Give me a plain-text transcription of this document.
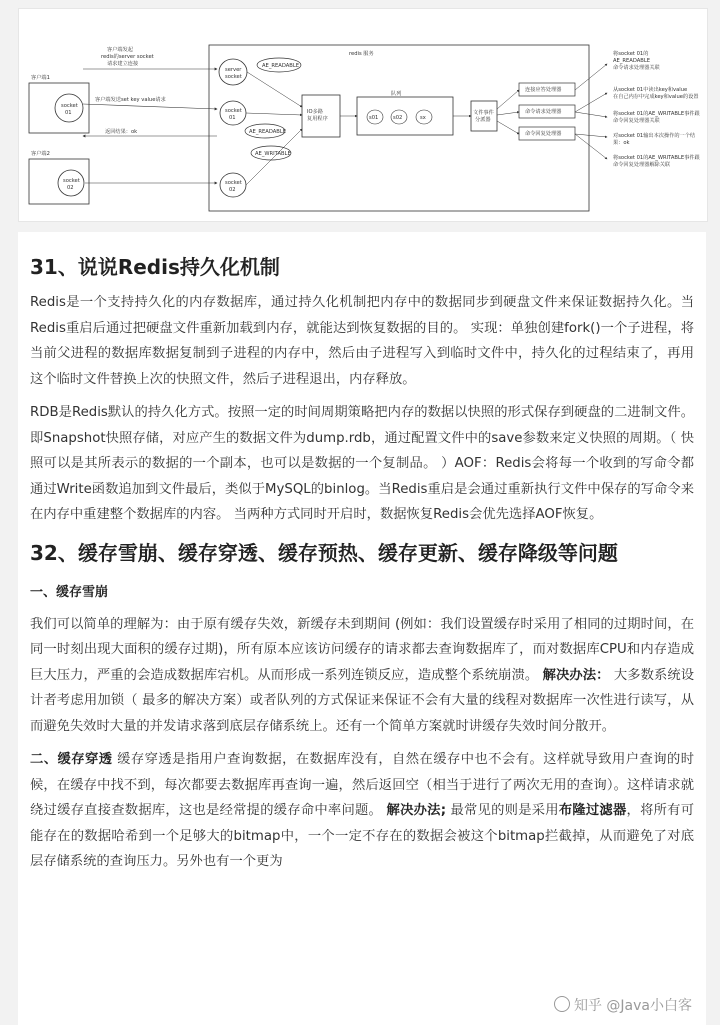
客户端1
socket
01
客户端2
socket
02
客户端发起
redis的server socket
请求建立连接
客户端发送set key value请求
返回结果：ok
redis 服务
server
socket
socket
01
socket
02
AE_READABLE
AE_READABLE
AE_WRITABLE
IO多路
复用程序
队列
s01	s02	sx
文件事件
分派器
连接应答处理器
命令请求处理器
命令回复处理器
将socket 01的
AE_READABLE
命令请求处理器关联
从socket 01中读出key和value
在自己内存中完成key和value的设置
将socket 01的AE_WRITABLE事件跟
命令回复处理器关联
对socket 01输出本次操作的一个结
果：ok
将socket 01的AE_WRITABLE事件跟
命令回复处理器解除关联
31、说说Redis持久化机制

Redis是一个支持持久化的内存数据库，通过持久化机制把内存中的数据同步到硬盘文件来保证数据持久化。当Redis重启后通过把硬盘文件重新加载到内存，就能达到恢复数据的目的。 实现：单独创建fork()一个子进程，将当前父进程的数据库数据复制到子进程的内存中，然后由子进程写入到临时文件中，持久化的过程结束了，再用这个临时文件替换上次的快照文件，然后子进程退出，内存释放。

RDB是Redis默认的持久化方式。按照一定的时间周期策略把内存的数据以快照的形式保存到硬盘的二进制文件。即Snapshot快照存储，对应产生的数据文件为dump.rdb，通过配置文件中的save参数来定义快照的周期。（ 快照可以是其所表示的数据的一个副本，也可以是数据的一个复制品。 ）AOF：Redis会将每一个收到的写命令都通过Write函数追加到文件最后，类似于MySQL的binlog。当Redis重启是会通过重新执行文件中保存的写命令来在内存中重建整个数据库的内容。 当两种方式同时开启时，数据恢复Redis会优先选择AOF恢复。

32、缓存雪崩、缓存穿透、缓存预热、缓存更新、缓存降级等问题
一、缓存雪崩

我们可以简单的理解为：由于原有缓存失效，新缓存未到期间 (例如：我们设置缓存时采用了相同的过期时间，在同一时刻出现大面积的缓存过期)，所有原本应该访问缓存的请求都去查询数据库了，而对数据库CPU和内存造成巨大压力，严重的会造成数据库宕机。从而形成一系列连锁反应，造成整个系统崩溃。 解决办法： 大多数系统设计者考虑用加锁（ 最多的解决方案）或者队列的方式保证来保证不会有大量的线程对数据库一次性进行读写，从而避免失效时大量的并发请求落到底层存储系统上。还有一个简单方案就时讲缓存失效时间分散开。

二、缓存穿透 缓存穿透是指用户查询数据，在数据库没有，自然在缓存中也不会有。这样就导致用户查询的时候，在缓存中找不到，每次都要去数据库再查询一遍，然后返回空（相当于进行了两次无用的查询）。这样请求就绕过缓存直接查数据库，这也是经常提的缓存命中率问题。 解决办法; 最常见的则是采用布隆过滤器，将所有可能存在的数据哈希到一个足够大的bitmap中，一个一定不存在的数据会被这个bitmap拦截掉，从而避免了对底层存储系统的查询压力。另外也有一个更为

知乎 @Java小白客
